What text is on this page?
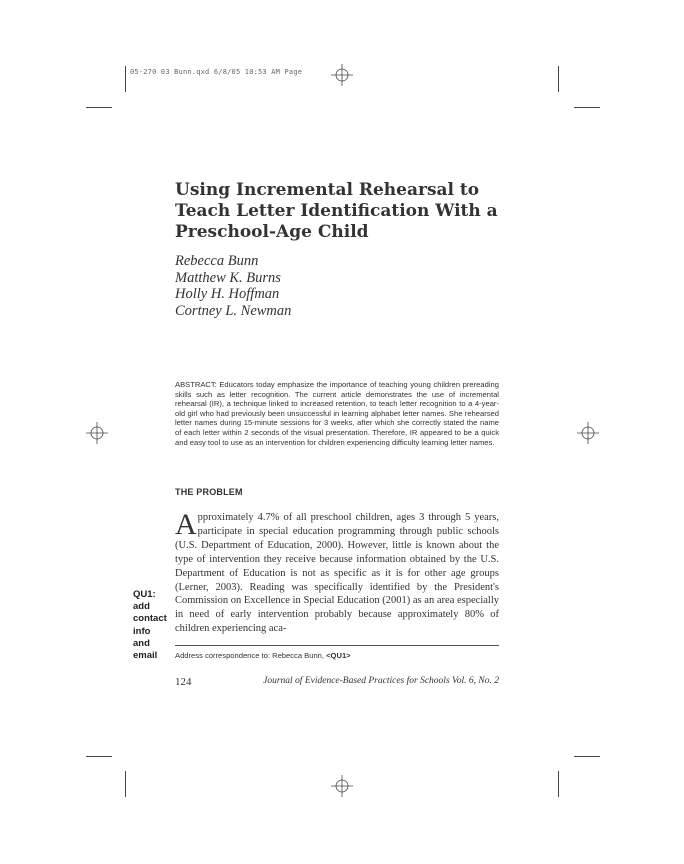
05-270 03 Bunn.qxd 6/8/05 10:53 AM Page
Using Incremental Rehearsal to Teach Letter Identification With a Preschool-Age Child
Rebecca Bunn
Matthew K. Burns
Holly H. Hoffman
Cortney L. Newman

ABSTRACT: Educators today emphasize the importance of teaching young children prereading skills such as letter recognition. The current article demonstrates the use of incremental rehearsal (IR), a technique linked to increased retention, to teach letter recognition to a 4-year-old girl who had previously been unsuccessful in learning alphabet letter names. She rehearsed letter names during 15-minute sessions for 3 weeks, after which she correctly stated the name of each letter within 2 seconds of the visual presentation. Therefore, IR appeared to be a quick and easy tool to use as an intervention for children experiencing difficulty learning letter names.

THE PROBLEM
Approximately 4.7% of all preschool children, ages 3 through 5 years, participate in special education programming through public schools (U.S. Department of Education, 2000). However, little is known about the type of intervention they receive because information obtained by the U.S. Department of Education is not as specific as it is for other age groups (Lerner, 2003). Reading was specifically identified by the President's Commission on Excellence in Special Education (2001) as an area especially in need of early intervention probably because approximately 80% of children experiencing aca-
QU1:
add
contact
info
and
email	Address correspondence to: Rebecca Bunn, <QU1>
124	Journal of Evidence-Based Practices for Schools Vol. 6, No. 2
